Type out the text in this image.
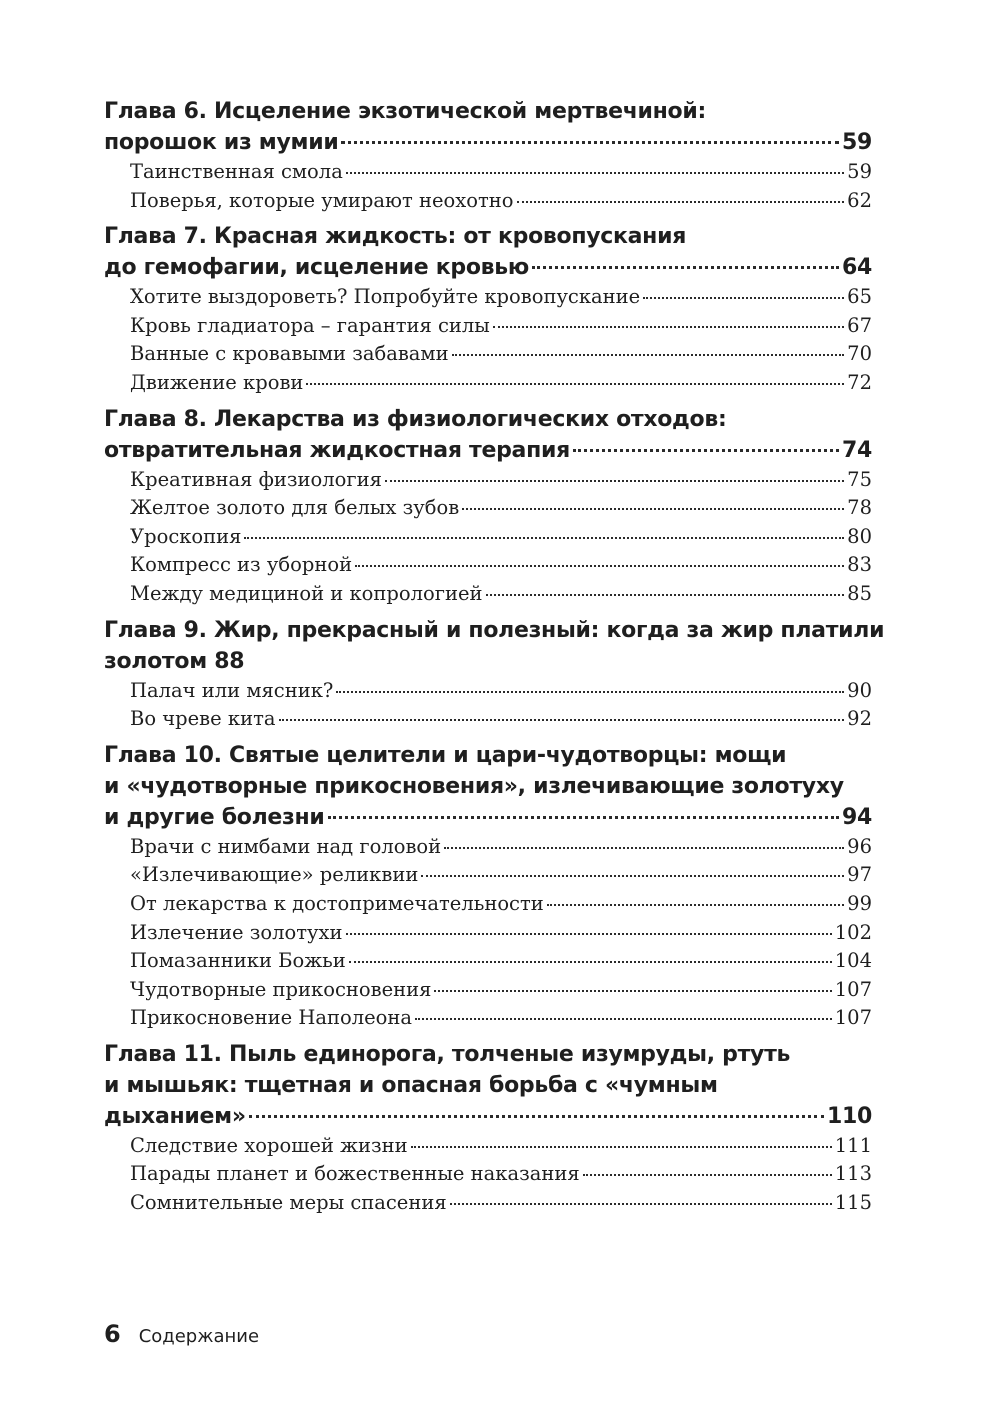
Глава 6. Исцеление экзотической мертвечиной:
порошок из мумии	59
Таинственная смола	59
Поверья, которые умирают неохотно	62
Глава 7. Красная жидкость: от кровопускания
до гемофагии, исцеление кровью	64
Хотите выздороветь? Попробуйте кровопускание	65
Кровь гладиатора – гарантия силы	67
Ванные с кровавыми забавами	70
Движение крови	72
Глава 8. Лекарства из физиологических отходов:
отвратительная жидкостная терапия	74
Креативная физиология	75
Желтое золото для белых зубов	78
Уроскопия	80
Компресс из уборной	83
Между медициной и копрологией	85
Глава 9. Жир, прекрасный и полезный: когда за жир платили
золотом 88
Палач или мясник?	90
Во чреве кита	92
Глава 10. Святые целители и цари-чудотворцы: мощи
и «чудотворные прикосновения», излечивающие золотуху
и другие болезни	94
Врачи с нимбами над головой	96
«Излечивающие» реликвии	97
От лекарства к достопримечательности	99
Излечение золотухи	102
Помазанники Божьи	104
Чудотворные прикосновения	107
Прикосновение Наполеона	107
Глава 11. Пыль единорога, толченые изумруды, ртуть
и мышьяк: тщетная и опасная борьба с «чумным
дыханием»	110
Следствие хорошей жизни	111
Парады планет и божественные наказания	113
Сомнительные меры спасения	115
6 Содержание
